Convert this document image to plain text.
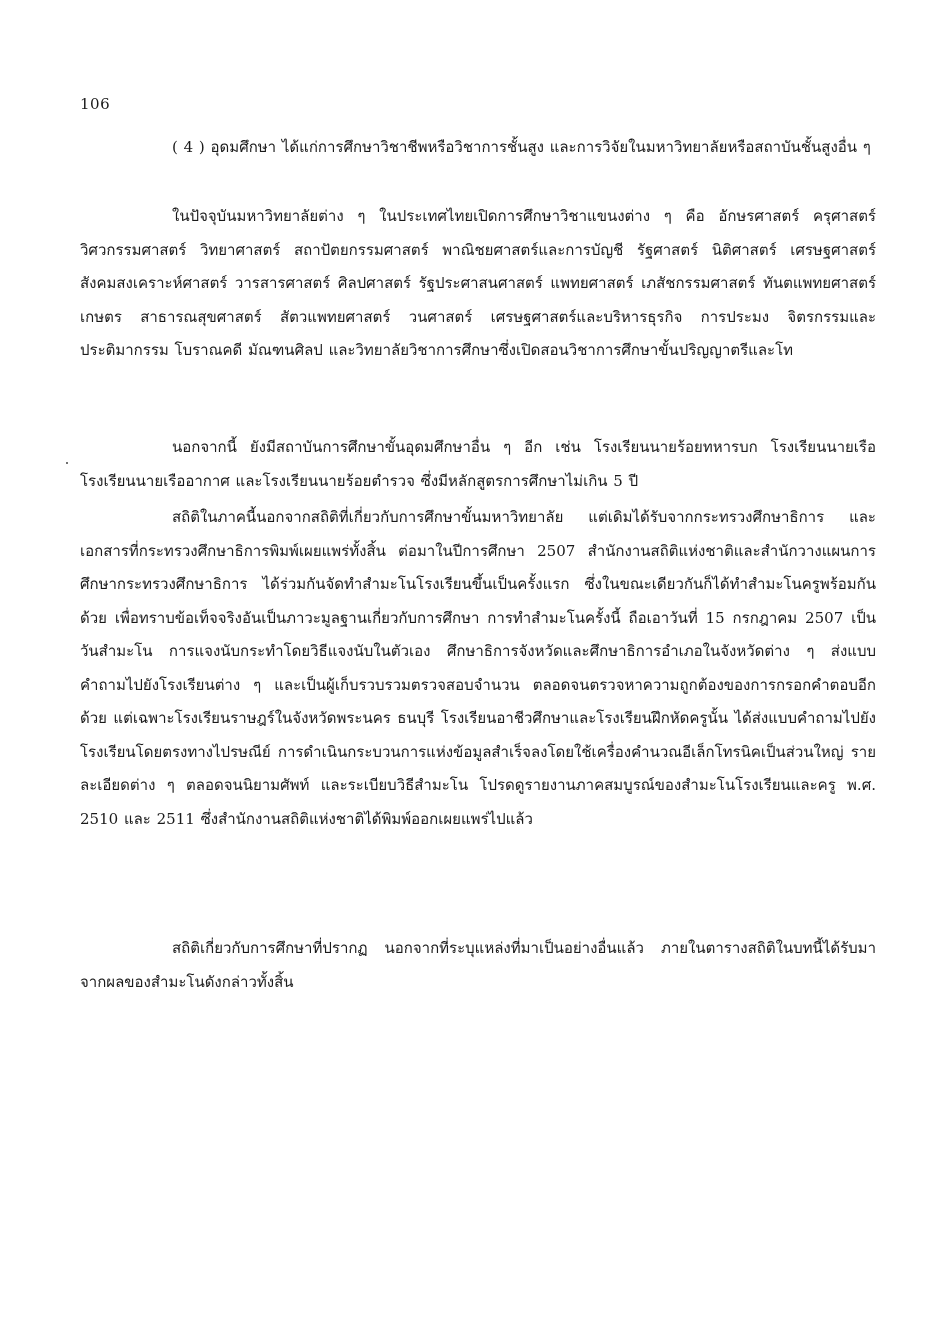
106

( 4 ) อุดมศึกษา ได้แก่การศึกษาวิชาชีพหรือวิชาการชั้นสูง และการวิจัยในมหาวิทยาลัยหรือสถาบันชั้นสูงอื่น ๆ

ในปัจจุบันมหาวิทยาลัยต่าง ๆ ในประเทศไทยเปิดการศึกษาวิชาแขนงต่าง ๆ คือ อักษรศาสตร์ ครุศาสตร์ วิศวกรรมศาสตร์ วิทยาศาสตร์ สถาปัตยกรรมศาสตร์ พาณิชยศาสตร์และการบัญชี รัฐศาสตร์ นิติศาสตร์ เศรษฐศาสตร์ สังคมสงเคราะห์ศาสตร์ วารสารศาสตร์ ศิลปศาสตร์ รัฐประศาสนศาสตร์ แพทยศาสตร์ เภสัชกรรมศาสตร์ ทันตแพทยศาสตร์ เกษตร สาธารณสุขศาสตร์ สัตวแพทยศาสตร์ วนศาสตร์ เศรษฐศาสตร์และบริหารธุรกิจ การประมง จิตรกรรมและประติมากรรม โบราณคดี มัณฑนศิลป และวิทยาลัยวิชาการศึกษาซึ่งเปิดสอนวิชาการศึกษาขั้นปริญญาตรีและโท

นอกจากนี้ ยังมีสถาบันการศึกษาขั้นอุดมศึกษาอื่น ๆ อีก เช่น โรงเรียนนายร้อยทหารบก โรงเรียนนายเรือ โรงเรียนนายเรืออากาศ และโรงเรียนนายร้อยตำรวจ ซึ่งมีหลักสูตรการศึกษาไม่เกิน 5 ปี

สถิติในภาคนี้นอกจากสถิติที่เกี่ยวกับการศึกษาขั้นมหาวิทยาลัย แต่เดิมได้รับจากกระทรวงศึกษาธิการ และเอกสารที่กระทรวงศึกษาธิการพิมพ์เผยแพร่ทั้งสิ้น ต่อมาในปีการศึกษา 2507 สำนักงานสถิติแห่งชาติและสำนักวางแผนการศึกษากระทรวงศึกษาธิการ ได้ร่วมกันจัดทำสำมะโนโรงเรียนขึ้นเป็นครั้งแรก ซึ่งในขณะเดียวกันก็ได้ทำสำมะโนครูพร้อมกันด้วย เพื่อทราบข้อเท็จจริงอันเป็นภาวะมูลฐานเกี่ยวกับการศึกษา การทำสำมะโนครั้งนี้ ถือเอาวันที่ 15 กรกฎาคม 2507 เป็นวันสำมะโน การแจงนับกระทำโดยวิธีแจงนับในตัวเอง ศึกษาธิการจังหวัดและศึกษาธิการอำเภอในจังหวัดต่าง ๆ ส่งแบบคำถามไปยังโรงเรียนต่าง ๆ และเป็นผู้เก็บรวบรวมตรวจสอบจำนวน ตลอดจนตรวจหาความถูกต้องของการกรอกคำตอบอีกด้วย แต่เฉพาะโรงเรียนราษฎร์ในจังหวัดพระนคร ธนบุรี โรงเรียนอาชีวศึกษาและโรงเรียนฝึกหัดครูนั้น ได้ส่งแบบคำถามไปยังโรงเรียนโดยตรงทางไปรษณีย์ การดำเนินกระบวนการแห่งข้อมูลสำเร็จลงโดยใช้เครื่องคำนวณอีเล็กโทรนิคเป็นส่วนใหญ่ รายละเอียดต่าง ๆ ตลอดจนนิยามศัพท์ และระเบียบวิธีสำมะโน โปรดดูรายงานภาคสมบูรณ์ของสำมะโนโรงเรียนและครู พ.ศ. 2510 และ 2511 ซึ่งสำนักงานสถิติแห่งชาติได้พิมพ์ออกเผยแพร่ไปแล้ว

สถิติเกี่ยวกับการศึกษาที่ปรากฏ นอกจากที่ระบุแหล่งที่มาเป็นอย่างอื่นแล้ว ภายในตารางสถิติในบทนี้ได้รับมาจากผลของสำมะโนดังกล่าวทั้งสิ้น
